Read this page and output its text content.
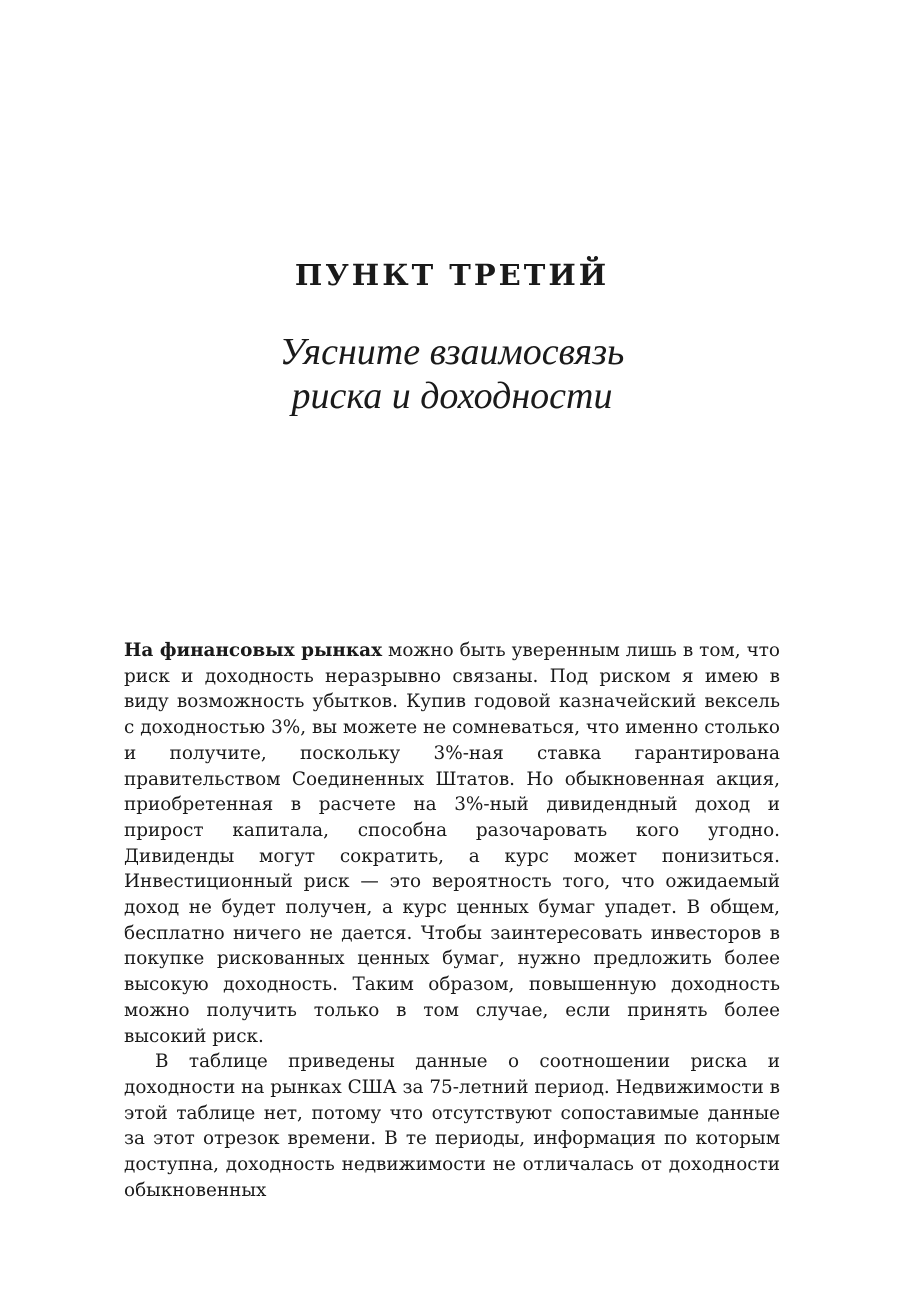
ПУНКТ ТРЕТИЙ
Уясните взаимосвязь
риска и доходности

На финансовых рынках можно быть уверенным лишь в том, что риск и доходность неразрывно связаны. Под риском я имею в виду возможность убытков. Купив годовой казначейский вексель с доходностью 3%, вы можете не сомневаться, что именно столько и получите, поскольку 3%-ная ставка гарантирована правительством Соединенных Штатов. Но обыкновенная акция, приобретенная в расчете на 3%-ный дивидендный доход и прирост капитала, способна разочаровать кого угодно. Дивиденды могут сократить, а курс может понизиться. Инвестиционный риск — это вероятность того, что ожидаемый доход не будет получен, а курс ценных бумаг упадет. В общем, бесплатно ничего не дается. Чтобы заинтересовать инвесторов в покупке рискованных ценных бумаг, нужно предложить более высокую доходность. Таким образом, повышенную доходность можно получить только в том случае, если принять более высокий риск.

В таблице приведены данные о соотношении риска и доходности на рынках США за 75-летний период. Недвижимости в этой таблице нет, потому что отсутствуют сопоставимые данные за этот отрезок времени. В те периоды, информация по которым доступна, доходность недвижимости не отличалась от доходности обыкновенных
